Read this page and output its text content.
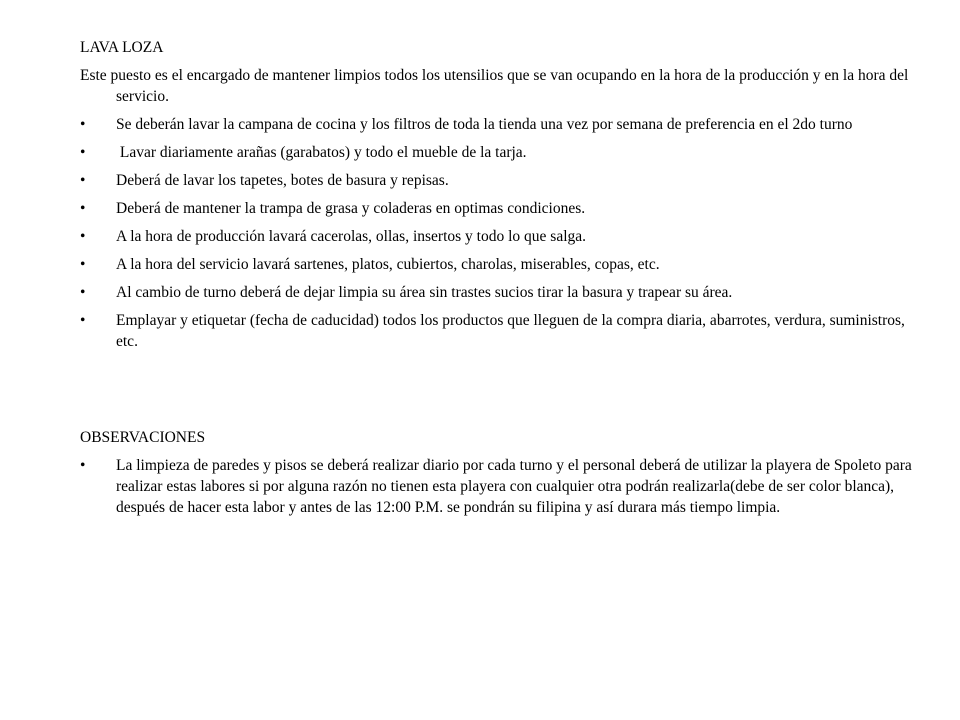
LAVA LOZA

Este puesto es el encargado de mantener limpios todos los utensilios que se van ocupando en la hora de la producción y en la hora del servicio.

•	Se deberán lavar la campana de cocina y los filtros de toda la tienda una vez por semana de preferencia en el 2do turno
•	Lavar diariamente arañas (garabatos) y todo el mueble de la tarja.
•	Deberá de lavar los tapetes, botes de basura y repisas.
•	Deberá de mantener la trampa de grasa y coladeras en optimas condiciones.
•	A la hora de producción lavará cacerolas, ollas, insertos y todo lo que salga.
•	A la hora del servicio lavará sartenes, platos, cubiertos, charolas, miserables, copas, etc.
•	Al cambio de turno deberá de dejar limpia su área sin trastes sucios tirar la basura y trapear su área.
•	Emplayar y etiquetar (fecha de caducidad) todos los productos que lleguen de la compra diaria, abarrotes, verdura, suministros, etc.

OBSERVACIONES

•	La limpieza de paredes y pisos se deberá realizar diario por cada turno y el personal deberá de utilizar la playera de Spoleto para realizar estas labores si por alguna razón no tienen esta playera con cualquier otra podrán realizarla(debe de ser color blanca), después de hacer esta labor y antes de las 12:00 P.M. se pondrán su filipina y así durara más tiempo limpia.
